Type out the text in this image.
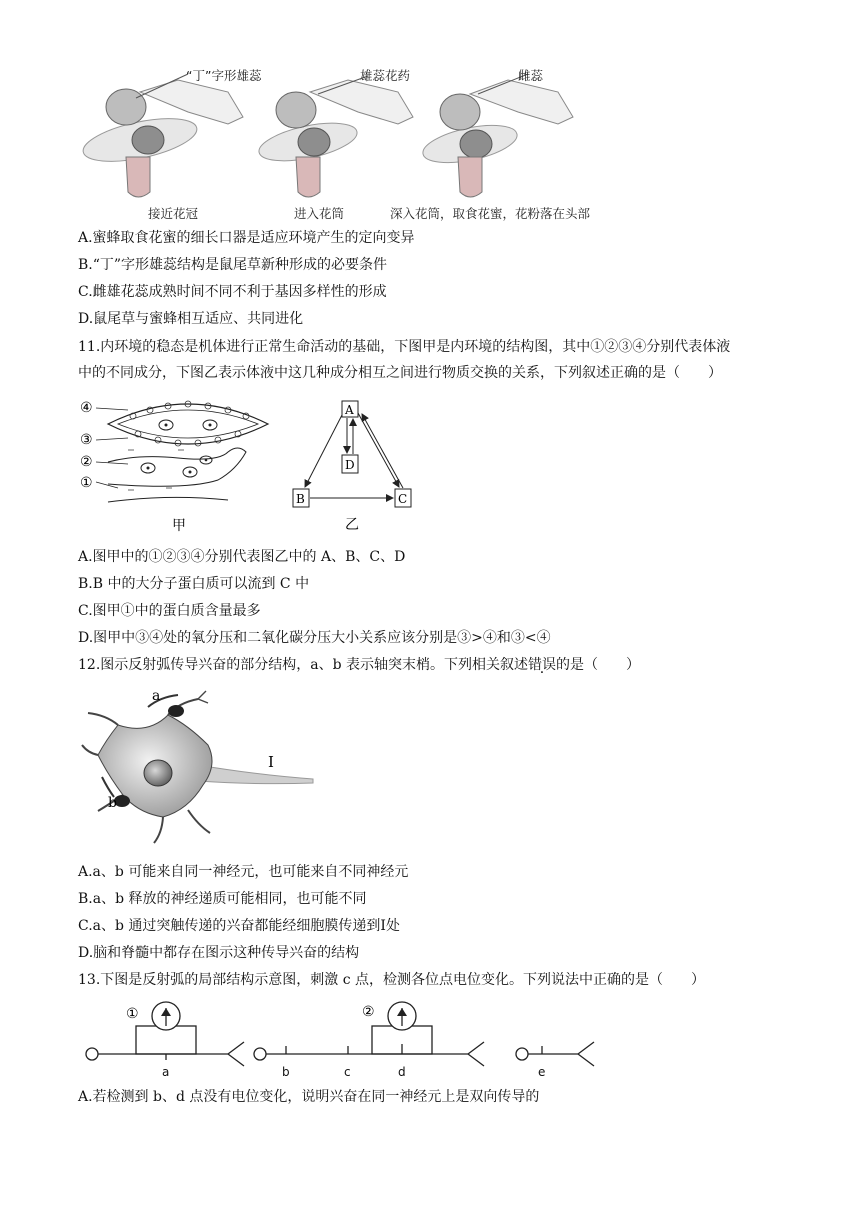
“丁”字形雄蕊	雄蕊花药	雌蕊
接近花冠	进入花筒	深入花筒，取食花蜜，花粉落在头部
A.蜜蜂取食花蜜的细长口器是适应环境产生的定向变异
B.“丁”字形雄蕊结构是鼠尾草新种形成的必要条件
C.雌雄花蕊成熟时间不同不利于基因多样性的形成
D.鼠尾草与蜜蜂相互适应、共同进化
11.内环境的稳态是机体进行正常生命活动的基础，下图甲是内环境的结构图，其中①②③④分别代表体液
中的不同成分，下图乙表示体液中这几种成分相互之间进行物质交换的关系，下列叙述正确的是（　　）
④
③
②
①
甲
A
D
B	C
乙
A.图甲中的①②③④分别代表图乙中的 A、B、C、D
B.B 中的大分子蛋白质可以流到 C 中
C.图甲①中的蛋白质含量最多
D.图甲中③④处的氧分压和二氧化碳分压大小关系应该分别是③>④和③<④
12.图示反射弧传导兴奋的部分结构，a、b 表示轴突末梢。下列相关叙述错误的是（　　）
a
b
Ⅰ
A.a、b 可能来自同一神经元，也可能来自不同神经元
B.a、b 释放的神经递质可能相同，也可能不同
C.a、b 通过突触传递的兴奋都能经细胞膜传递到Ⅰ处
D.脑和脊髓中都存在图示这种传导兴奋的结构
13.下图是反射弧的局部结构示意图，刺激 c 点，检测各位点电位变化。下列说法中正确的是（　　）
①	②
a	b	c	d	e
A.若检测到 b、d 点没有电位变化，说明兴奋在同一神经元上是双向传导的
